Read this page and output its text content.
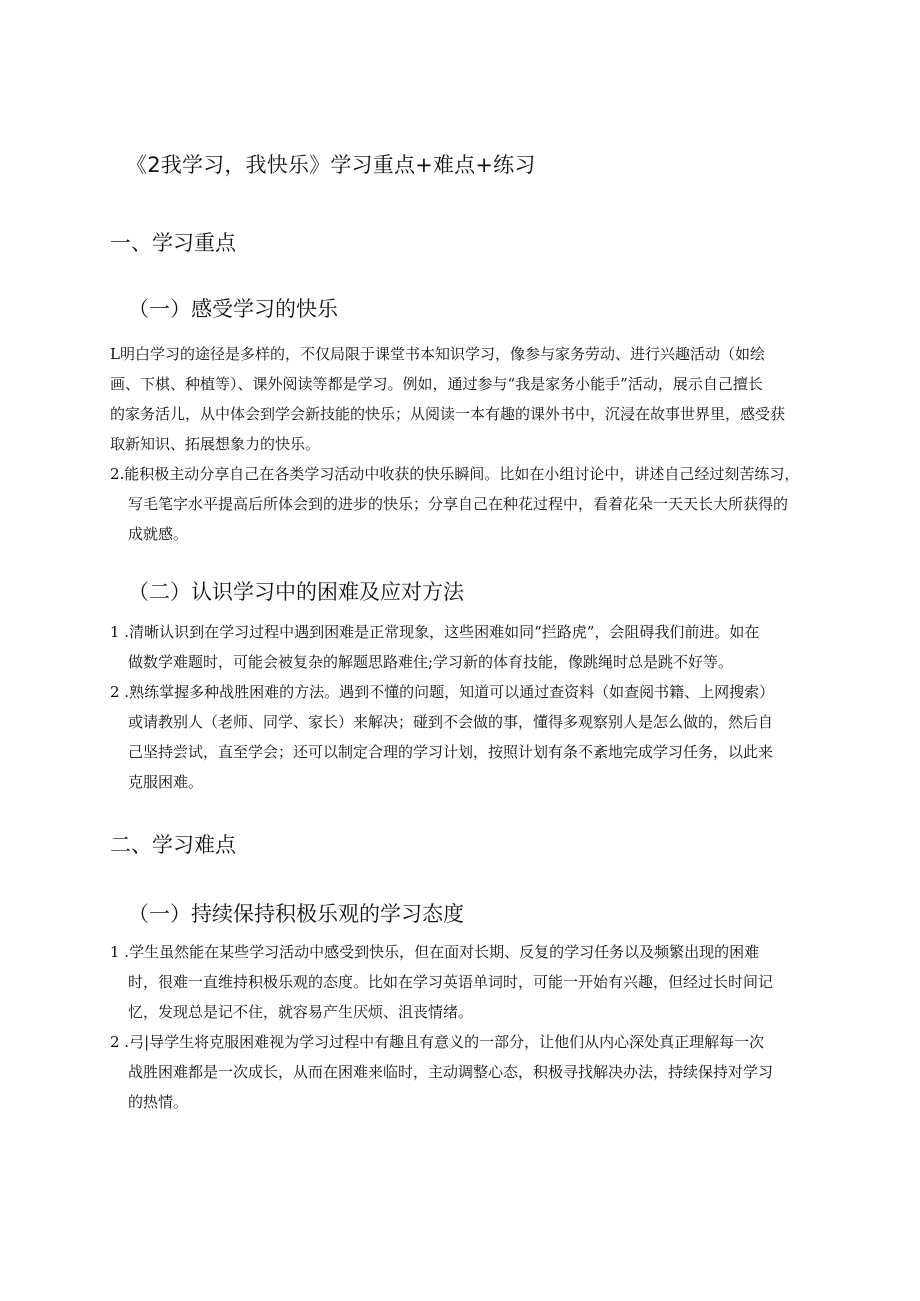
《2我学习，我快乐》学习重点+难点+练习
一、学习重点
（一）感受学习的快乐
L明白学习的途径是多样的，不仅局限于课堂书本知识学习，像参与家务劳动、进行兴趣活动（如绘
画、下棋、种植等）、课外阅读等都是学习。例如，通过参与“我是家务小能手”活动，展示自己擅长
的家务活儿，从中体会到学会新技能的快乐；从阅读一本有趣的课外书中，沉浸在故事世界里，感受获
取新知识、拓展想象力的快乐。
2.能积极主动分享自己在各类学习活动中收获的快乐瞬间。比如在小组讨论中，讲述自己经过刻苦练习，
写毛笔字水平提高后所体会到的进步的快乐；分享自己在种花过程中，看着花朵一天天长大所获得的
成就感。
（二）认识学习中的困难及应对方法
1 .清晰认识到在学习过程中遇到困难是正常现象，这些困难如同“拦路虎”，会阻碍我们前进。如在
做数学难题时，可能会被复杂的解题思路难住;学习新的体育技能，像跳绳时总是跳不好等。
2 .熟练掌握多种战胜困难的方法。遇到不懂的问题，知道可以通过查资料（如查阅书籍、上网搜索）
或请教别人（老师、同学、家长）来解决；碰到不会做的事，懂得多观察别人是怎么做的，然后自
己坚持尝试，直至学会；还可以制定合理的学习计划，按照计划有条不紊地完成学习任务，以此来
克服困难。
二、学习难点
（一）持续保持积极乐观的学习态度
1 .学生虽然能在某些学习活动中感受到快乐，但在面对长期、反复的学习任务以及频繁出现的困难
时，很难一直维持积极乐观的态度。比如在学习英语单词时，可能一开始有兴趣，但经过长时间记
忆，发现总是记不住，就容易产生厌烦、沮丧情绪。
2 .弓|导学生将克服困难视为学习过程中有趣且有意义的一部分，让他们从内心深处真正理解每一次
战胜困难都是一次成长，从而在困难来临时，主动调整心态，积极寻找解决办法，持续保持对学习
的热情。
